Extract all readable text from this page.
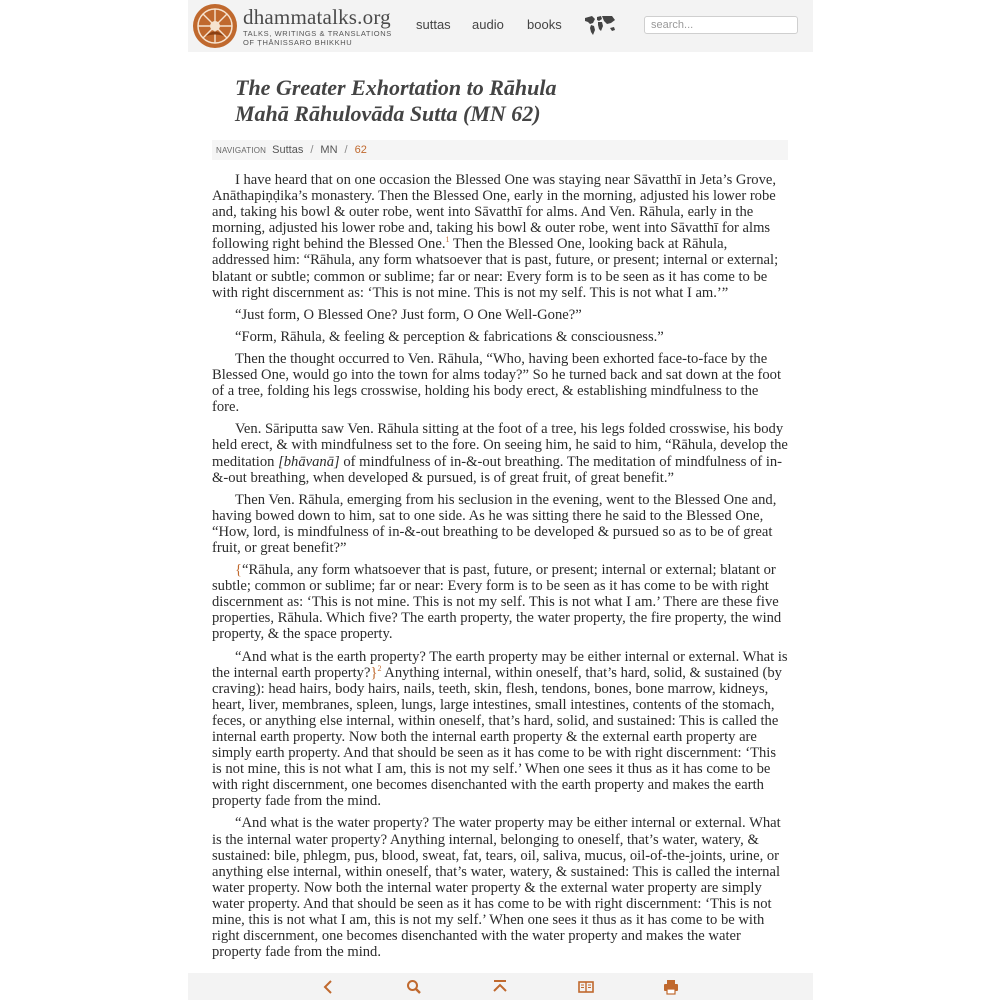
dhammatalks.org
TALKS, WRITINGS & TRANSLATIONS
OF ṬHĀNISSARO BHIKKHU
suttas audio books
search...
The Greater Exhortation to Rāhula
Mahā Rāhulovāda Sutta (MN 62)
NAVIGATION Suttas / MN / 62

I have heard that on one occasion the Blessed One was staying near Sāvatthī in Jeta’s Grove, Anāthapiṇḍika’s monastery. Then the Blessed One, early in the morning, adjusted his lower robe and, taking his bowl & outer robe, went into Sāvatthī for alms. And Ven. Rāhula, early in the morning, adjusted his lower robe and, taking his bowl & outer robe, went into Sāvatthī for alms following right behind the Blessed One.$^1$ Then the Blessed One, looking back at Rāhula, addressed him: “Rāhula, any form whatsoever that is past, future, or present; internal or external; blatant or subtle; common or sublime; far or near: Every form is to be seen as it has come to be with right discernment as: ‘This is not mine. This is not my self. This is not what I am.’”

“Just form, O Blessed One? Just form, O One Well-Gone?”

“Form, Rāhula, & feeling & perception & fabrications & consciousness.”

Then the thought occurred to Ven. Rāhula, “Who, having been exhorted face-to-face by the Blessed One, would go into the town for alms today?” So he turned back and sat down at the foot of a tree, folding his legs crosswise, holding his body erect, & establishing mindfulness to the fore.

Ven. Sāriputta saw Ven. Rāhula sitting at the foot of a tree, his legs folded crosswise, his body held erect, & with mindfulness set to the fore. On seeing him, he said to him, “Rāhula, develop the meditation [bhāvanā] of mindfulness of in-&-out breathing. The meditation of mindfulness of in-&-out breathing, when developed & pursued, is of great fruit, of great benefit.”

Then Ven. Rāhula, emerging from his seclusion in the evening, went to the Blessed One and, having bowed down to him, sat to one side. As he was sitting there he said to the Blessed One, “How, lord, is mindfulness of in-&-out breathing to be developed & pursued so as to be of great fruit, or great benefit?”

{“Rāhula, any form whatsoever that is past, future, or present; internal or external; blatant or subtle; common or sublime; far or near: Every form is to be seen as it has come to be with right discernment as: ‘This is not mine. This is not my self. This is not what I am.’ There are these five properties, Rāhula. Which five? The earth property, the water property, the fire property, the wind property, & the space property.

“And what is the earth property? The earth property may be either internal or external. What is the internal earth property?}$^2$ Anything internal, within oneself, that’s hard, solid, & sustained (by craving): head hairs, body hairs, nails, teeth, skin, flesh, tendons, bones, bone marrow, kidneys, heart, liver, membranes, spleen, lungs, large intestines, small intestines, contents of the stomach, feces, or anything else internal, within oneself, that’s hard, solid, and sustained: This is called the internal earth property. Now both the internal earth property & the external earth property are simply earth property. And that should be seen as it has come to be with right discernment: ‘This is not mine, this is not what I am, this is not my self.’ When one sees it thus as it has come to be with right discernment, one becomes disenchanted with the earth property and makes the earth property fade from the mind.

“And what is the water property? The water property may be either internal or external. What is the internal water property? Anything internal, belonging to oneself, that’s water, watery, & sustained: bile, phlegm, pus, blood, sweat, fat, tears, oil, saliva, mucus, oil-of-the-joints, urine, or anything else internal, within oneself, that’s water, watery, & sustained: This is called the internal water property. Now both the internal water property & the external water property are simply water property. And that should be seen as it has come to be with right discernment: ‘This is not mine, this is not what I am, this is not my self.’ When one sees it thus as it has come to be with right discernment, one becomes disenchanted with the water property and makes the water property fade from the mind.
